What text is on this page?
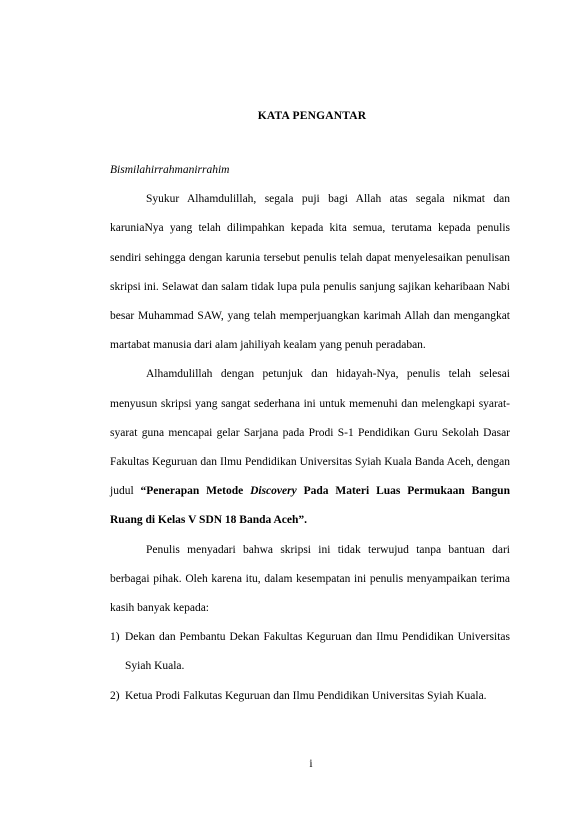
KATA PENGANTAR

Bismilahirrahmanirrahim

Syukur Alhamdulillah, segala puji bagi Allah atas segala nikmat dan karuniaNya yang telah dilimpahkan kepada kita semua, terutama kepada penulis sendiri sehingga dengan karunia tersebut penulis telah dapat menyelesaikan penulisan skripsi ini. Selawat dan salam tidak lupa pula penulis sanjung sajikan keharibaan Nabi besar Muhammad SAW, yang telah memperjuangkan karimah Allah dan mengangkat martabat manusia dari alam jahiliyah kealam yang penuh peradaban.

Alhamdulillah dengan petunjuk dan hidayah-Nya, penulis telah selesai menyusun skripsi yang sangat sederhana ini untuk memenuhi dan melengkapi syarat-syarat guna mencapai gelar Sarjana pada Prodi S-1 Pendidikan Guru Sekolah Dasar Fakultas Keguruan dan Ilmu Pendidikan Universitas Syiah Kuala Banda Aceh, dengan judul “Penerapan Metode Discovery Pada Materi Luas Permukaan Bangun Ruang di Kelas V SDN 18 Banda Aceh”.

Penulis menyadari bahwa skripsi ini tidak terwujud tanpa bantuan dari berbagai pihak. Oleh karena itu, dalam kesempatan ini penulis menyampaikan terima kasih banyak kepada:

1) Dekan dan Pembantu Dekan Fakultas Keguruan dan Ilmu Pendidikan Universitas Syiah Kuala.
2) Ketua Prodi Falkutas Keguruan dan Ilmu Pendidikan Universitas Syiah Kuala.
i
